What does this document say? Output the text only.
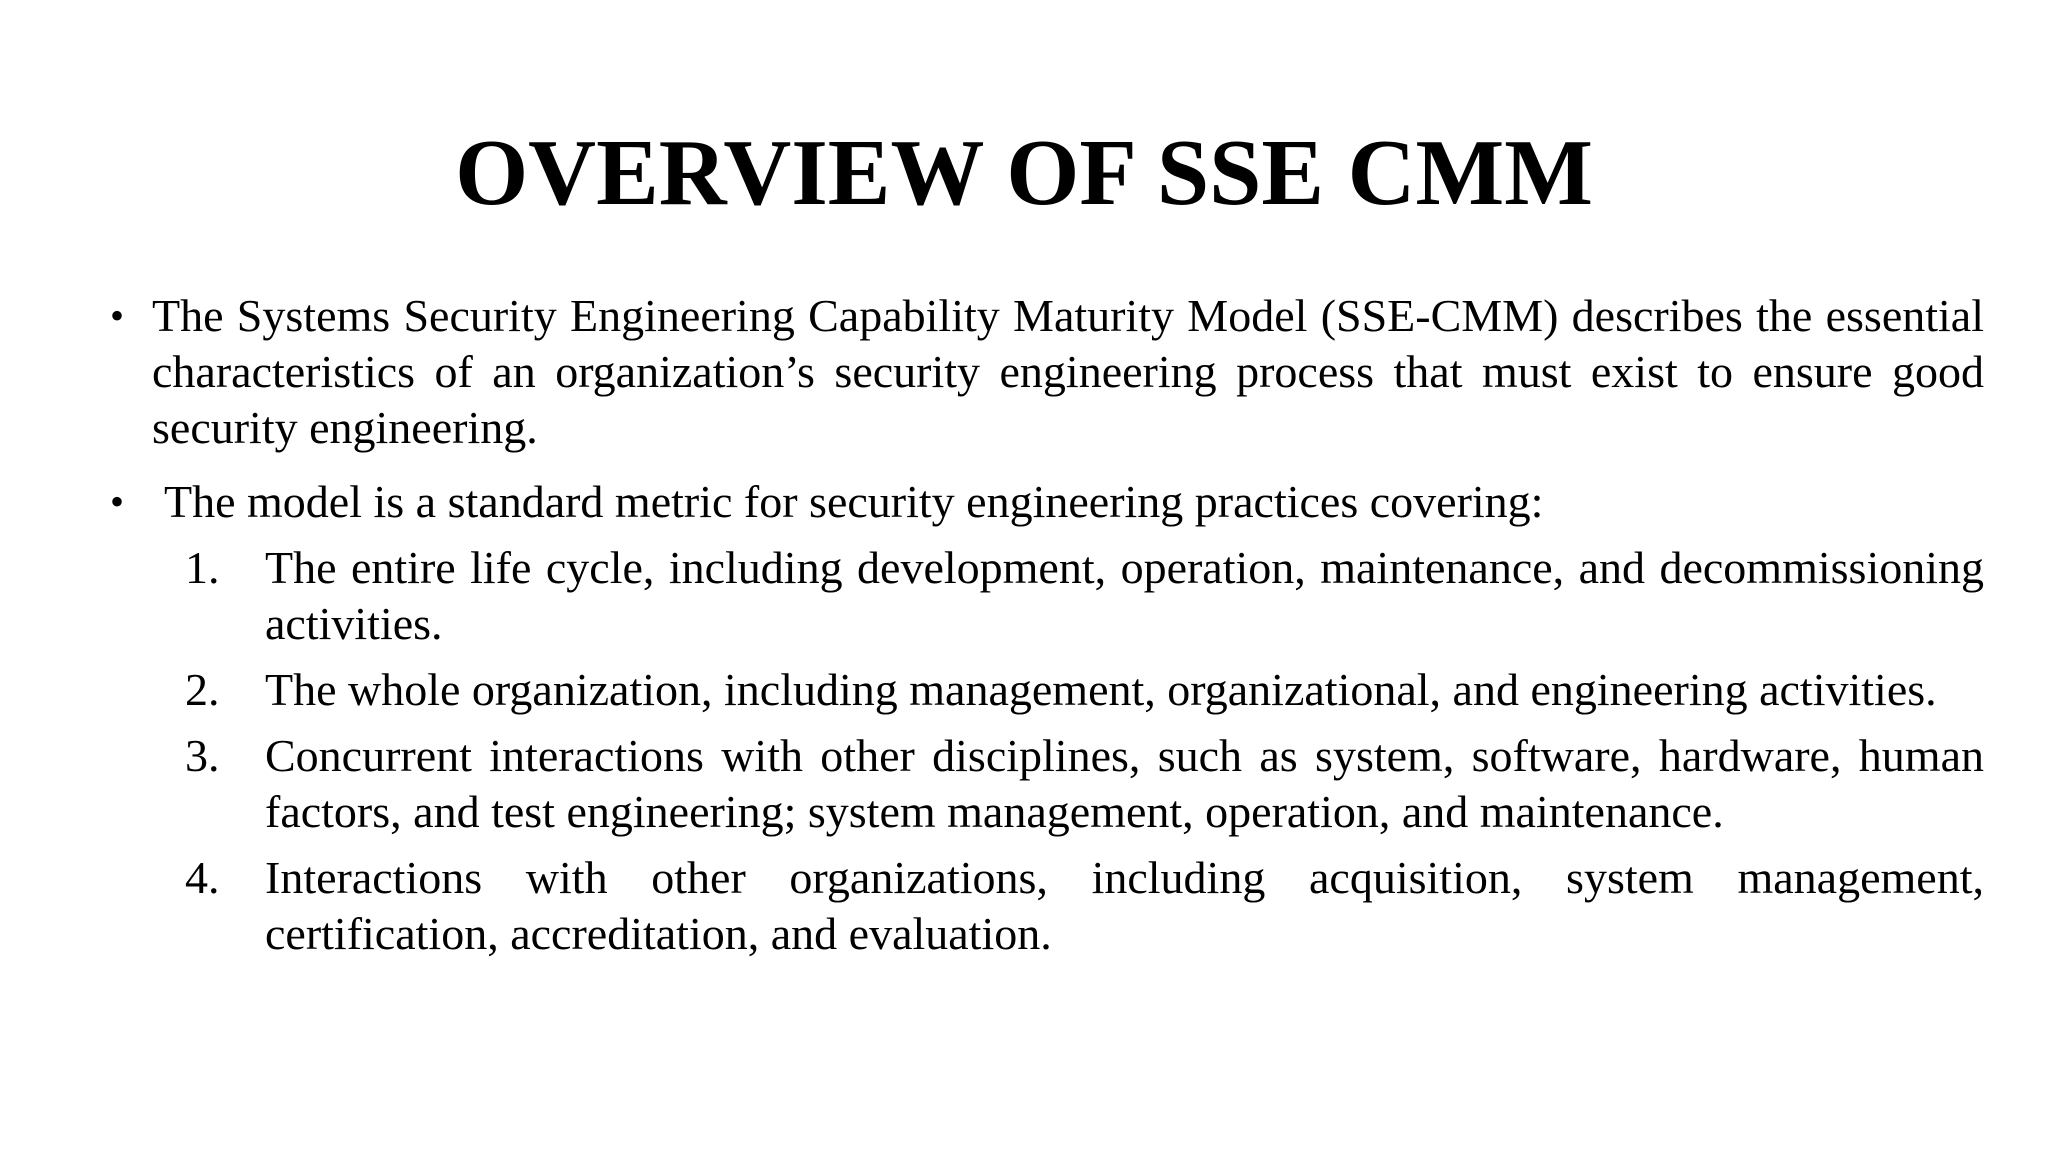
OVERVIEW OF SSE CMM
• The Systems Security Engineering Capability Maturity Model (SSE-CMM) describes the essential characteristics of an organization’s security engineering process that must exist to ensure good security engineering.
• The model is a standard metric for security engineering practices covering:
1. The entire life cycle, including development, operation, maintenance, and decommissioning activities.
2. The whole organization, including management, organizational, and engineering activities.
3. Concurrent interactions with other disciplines, such as system, software, hardware, human factors, and test engineering; system management, operation, and maintenance.
4. Interactions with other organizations, including acquisition, system management, certification, accreditation, and evaluation.
